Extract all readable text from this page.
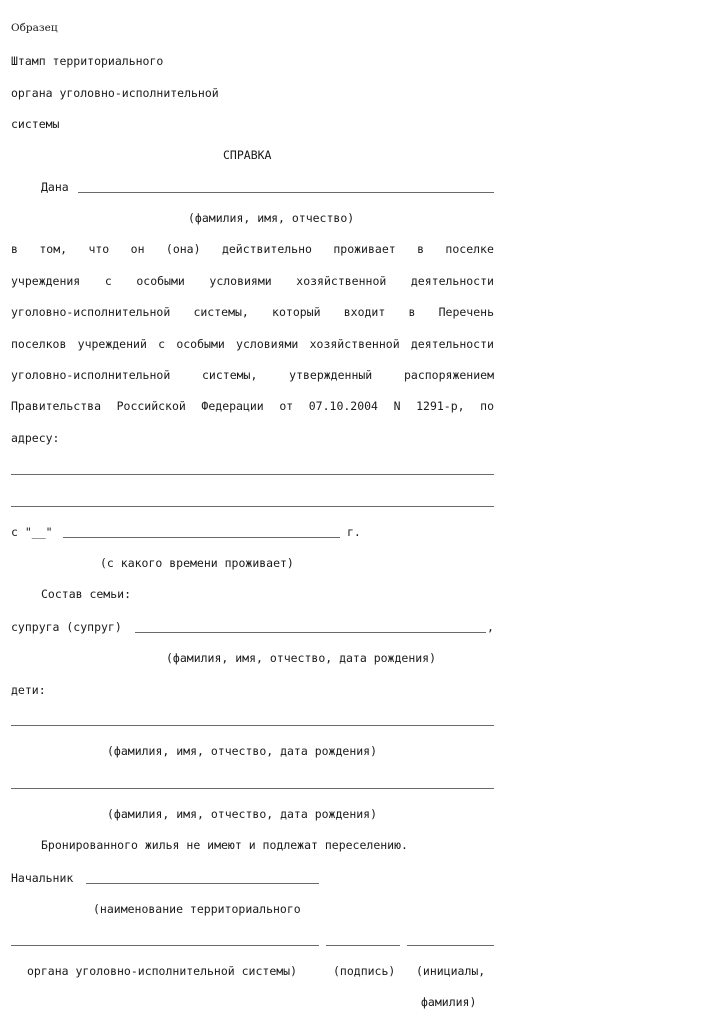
Образец
Штамп территориального
органа уголовно-исполнительной
системы
СПРАВКА
Дана
(фамилия, имя, отчество)
в том, что он (она) действительно проживает в поселке
учреждения с особыми условиями хозяйственной деятельности
уголовно-исполнительной системы, который входит в Перечень
поселков учреждений с особыми условиями хозяйственной деятельности
уголовно-исполнительной	системы,	утвержденный	распоряжением
Правительства Российской Федерации от 07.10.2004 N 1291-р, по
адресу:
с "__"	г.
(с какого времени проживает)
Состав семьи:
супруга (супруг)	,
(фамилия, имя, отчество, дата рождения)
дети:
(фамилия, имя, отчество, дата рождения)
(фамилия, имя, отчество, дата рождения)
Бронированного жилья не имеют и подлежат переселению.
Начальник
(наименование территориального
органа уголовно-исполнительной системы)	(подпись) (инициалы,
фамилия)
